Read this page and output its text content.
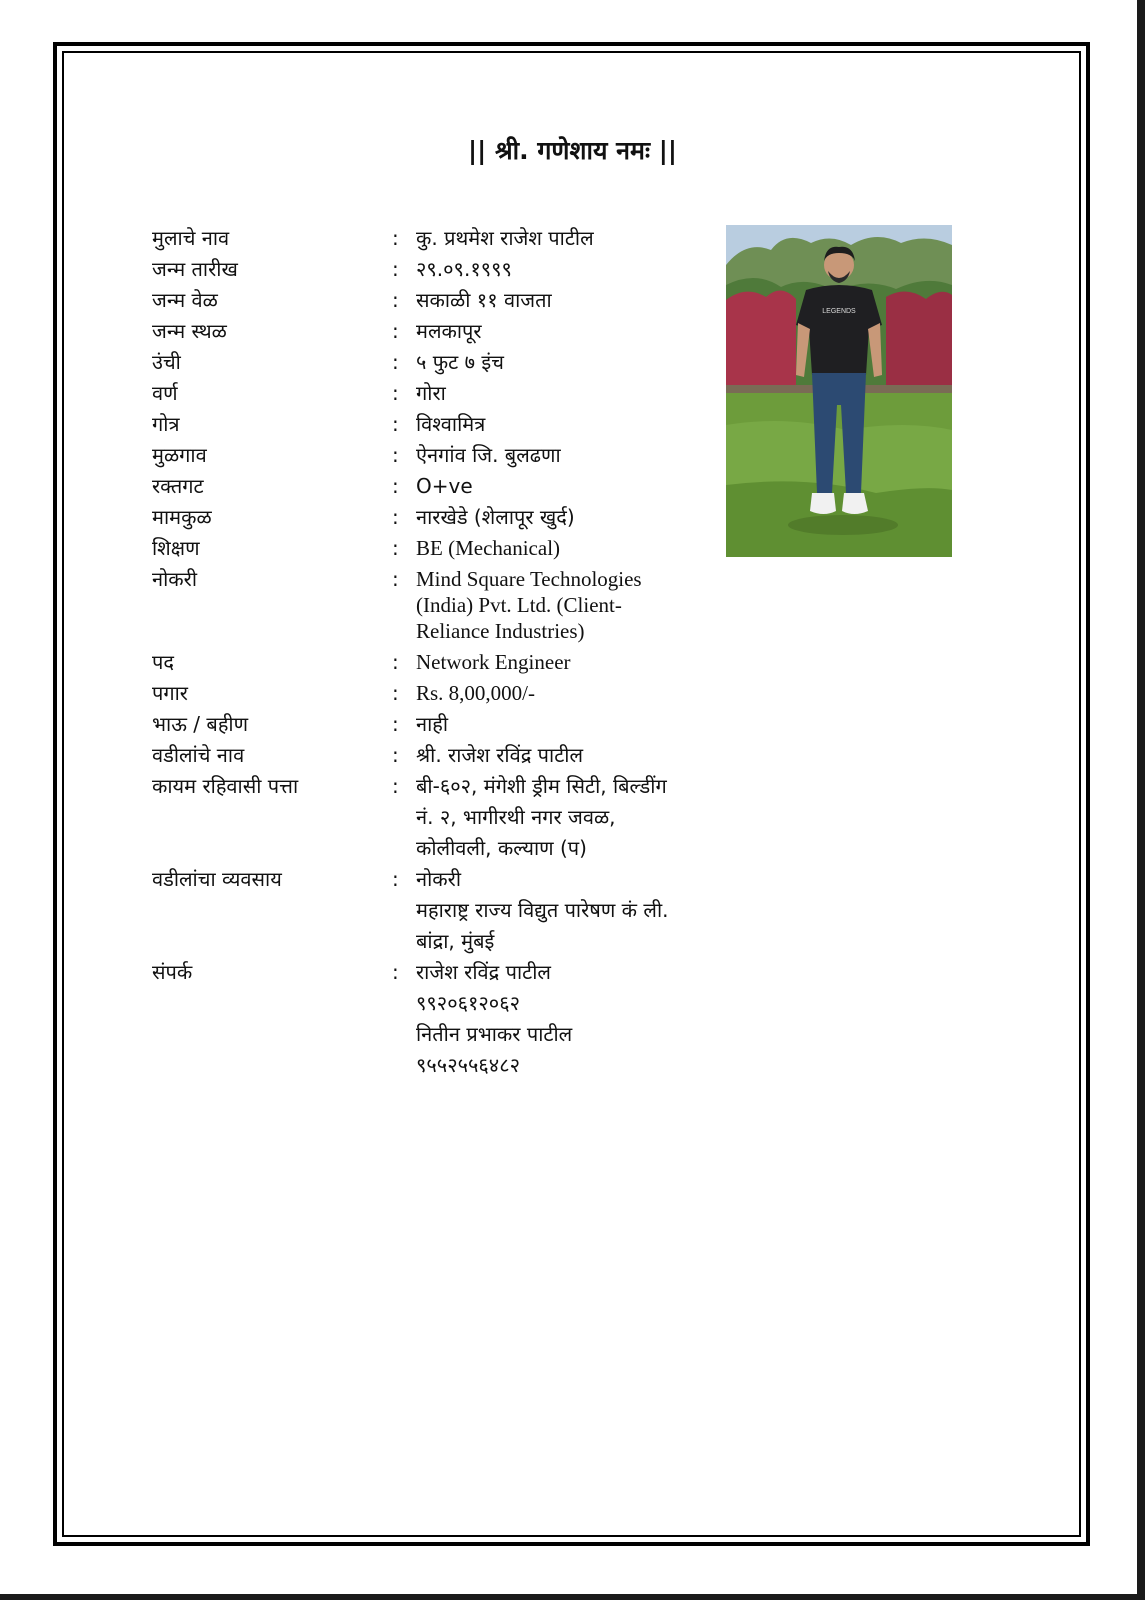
|| श्री. गणेशाय नमः ||
मुलाचे नाव	: कु. प्रथमेश राजेश पाटील
जन्म तारीख	: २९.०९.१९९९
जन्म वेळ	: सकाळी ११ वाजता
जन्म स्थळ	: मलकापूर
उंची	: ५ फुट ७ इंच
वर्ण	: गोरा
गोत्र	: विश्वामित्र
मुळगाव	: ऐनगांव जि. बुलढणा
रक्तगट	: O+ve
मामकुळ	: नारखेडे (शेलापूर खुर्द)
शिक्षण	: BE (Mechanical)
नोकरी	: Mind Square Technologies
(India) Pvt. Ltd. (Client-
Reliance Industries)
पद	: Network Engineer
पगार	: Rs. 8,00,000/-
भाऊ / बहीण	: नाही
वडीलांचे नाव	: श्री. राजेश रविंद्र पाटील
कायम रहिवासी पत्ता	: बी-६०२, मंगेशी ड्रीम सिटी, बिल्डींग
नं. २, भागीरथी नगर जवळ,
कोलीवली, कल्याण (प)
वडीलांचा व्यवसाय	: नोकरी
महाराष्ट्र राज्य विद्युत पारेषण कं ली.
बांद्रा, मुंबई
संपर्क	: राजेश रविंद्र पाटील
९९२०६१२०६२
नितीन प्रभाकर पाटील
९५५२५५६४८२
LEGENDS
